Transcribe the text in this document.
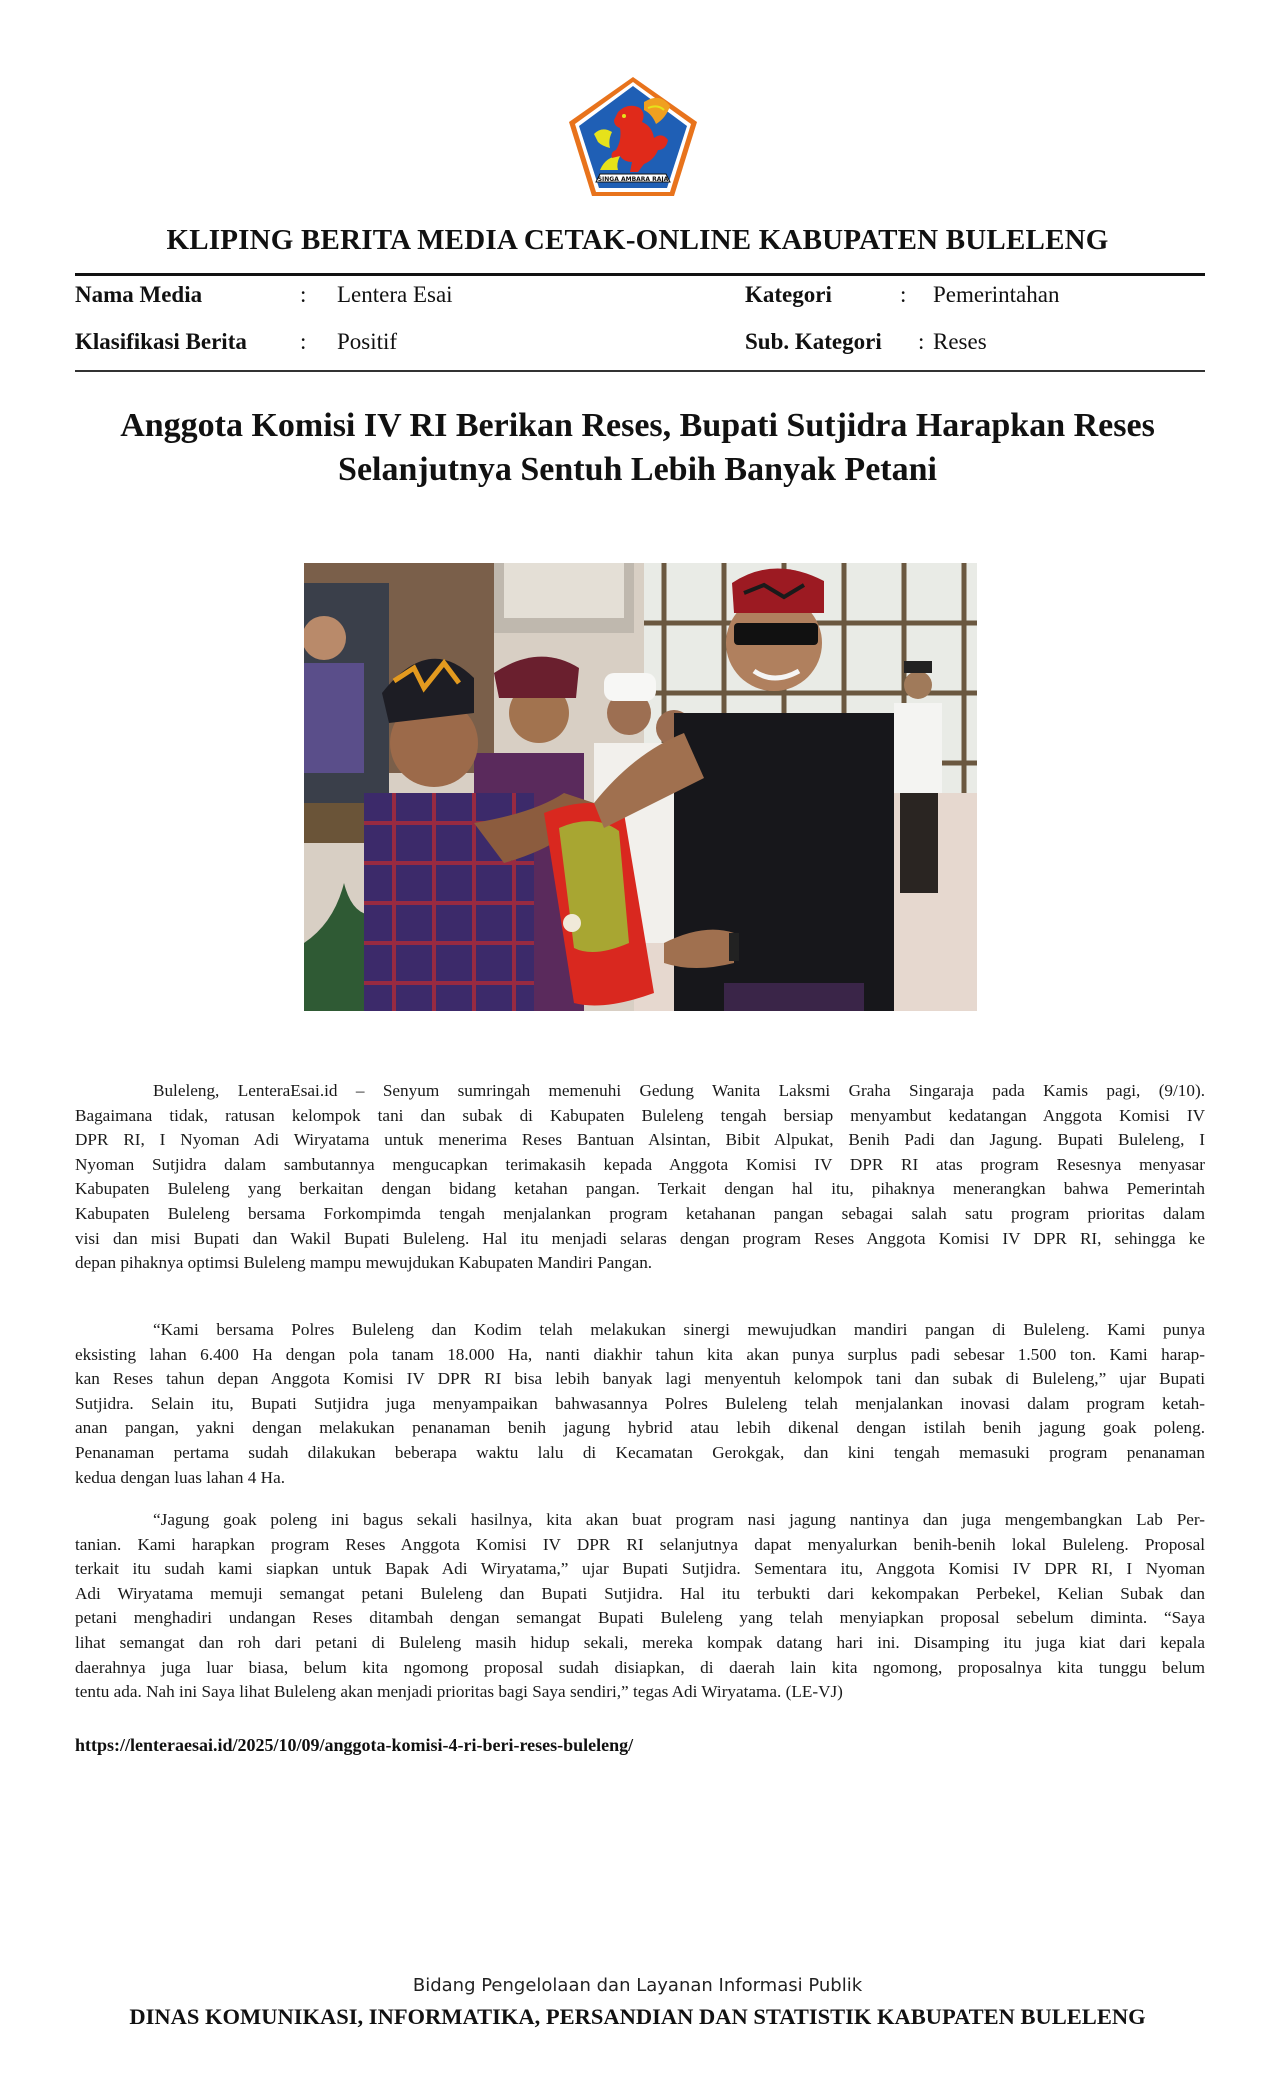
SINGA AMBARA RAJA
KLIPING BERITA MEDIA CETAK-ONLINE KABUPATEN BULELENG
Nama Media	: Lentera Esai
Klasifikasi Berita : Positif
Kategori	: Pemerintahan
Sub. Kategori : Reses
Anggota Komisi IV RI Berikan Reses, Bupati Sutjidra Harapkan Reses
Selanjutnya Sentuh Lebih Banyak Petani
Buleleng, LenteraEsai.id – Senyum sumringah memenuhi Gedung Wanita Laksmi Graha Singaraja pada Kamis pagi, (9/10).
Bagaimana tidak, ratusan kelompok tani dan subak di Kabupaten Buleleng tengah bersiap menyambut kedatangan Anggota Komisi IV
DPR RI, I Nyoman Adi Wiryatama untuk menerima Reses Bantuan Alsintan, Bibit Alpukat, Benih Padi dan Jagung. Bupati Buleleng, I
Nyoman Sutjidra dalam sambutannya mengucapkan terimakasih kepada Anggota Komisi IV DPR RI atas program Resesnya menyasar
Kabupaten Buleleng yang berkaitan dengan bidang ketahan pangan. Terkait dengan hal itu, pihaknya menerangkan bahwa Pemerintah
Kabupaten Buleleng bersama Forkompimda tengah menjalankan program ketahanan pangan sebagai salah satu program prioritas dalam
visi dan misi Bupati dan Wakil Bupati Buleleng. Hal itu menjadi selaras dengan program Reses Anggota Komisi IV DPR RI, sehingga ke
depan pihaknya optimsi Buleleng mampu mewujdukan Kabupaten Mandiri Pangan.
“Kami bersama Polres Buleleng dan Kodim telah melakukan sinergi mewujudkan mandiri pangan di Buleleng. Kami punya
eksisting lahan 6.400 Ha dengan pola tanam 18.000 Ha, nanti diakhir tahun kita akan punya surplus padi sebesar 1.500 ton. Kami harap-
kan Reses tahun depan Anggota Komisi IV DPR RI bisa lebih banyak lagi menyentuh kelompok tani dan subak di Buleleng,” ujar Bupati
Sutjidra. Selain itu, Bupati Sutjidra juga menyampaikan bahwasannya Polres Buleleng telah menjalankan inovasi dalam program ketah-
anan pangan, yakni dengan melakukan penanaman benih jagung hybrid atau lebih dikenal dengan istilah benih jagung goak poleng.
Penanaman pertama sudah dilakukan beberapa waktu lalu di Kecamatan Gerokgak, dan kini tengah memasuki program penanaman
kedua dengan luas lahan 4 Ha.
“Jagung goak poleng ini bagus sekali hasilnya, kita akan buat program nasi jagung nantinya dan juga mengembangkan Lab Per-
tanian. Kami harapkan program Reses Anggota Komisi IV DPR RI selanjutnya dapat menyalurkan benih-benih lokal Buleleng. Proposal
terkait itu sudah kami siapkan untuk Bapak Adi Wiryatama,” ujar Bupati Sutjidra. Sementara itu, Anggota Komisi IV DPR RI, I Nyoman
Adi Wiryatama memuji semangat petani Buleleng dan Bupati Sutjidra. Hal itu terbukti dari kekompakan Perbekel, Kelian Subak dan
petani menghadiri undangan Reses ditambah dengan semangat Bupati Buleleng yang telah menyiapkan proposal sebelum diminta. “Saya
lihat semangat dan roh dari petani di Buleleng masih hidup sekali, mereka kompak datang hari ini. Disamping itu juga kiat dari kepala
daerahnya juga luar biasa, belum kita ngomong proposal sudah disiapkan, di daerah lain kita ngomong, proposalnya kita tunggu belum
tentu ada. Nah ini Saya lihat Buleleng akan menjadi prioritas bagi Saya sendiri,” tegas Adi Wiryatama. (LE-VJ)
https://lenteraesai.id/2025/10/09/anggota-komisi-4-ri-beri-reses-buleleng/
Bidang Pengelolaan dan Layanan Informasi Publik
DINAS KOMUNIKASI, INFORMATIKA, PERSANDIAN DAN STATISTIK KABUPATEN BULELENG
